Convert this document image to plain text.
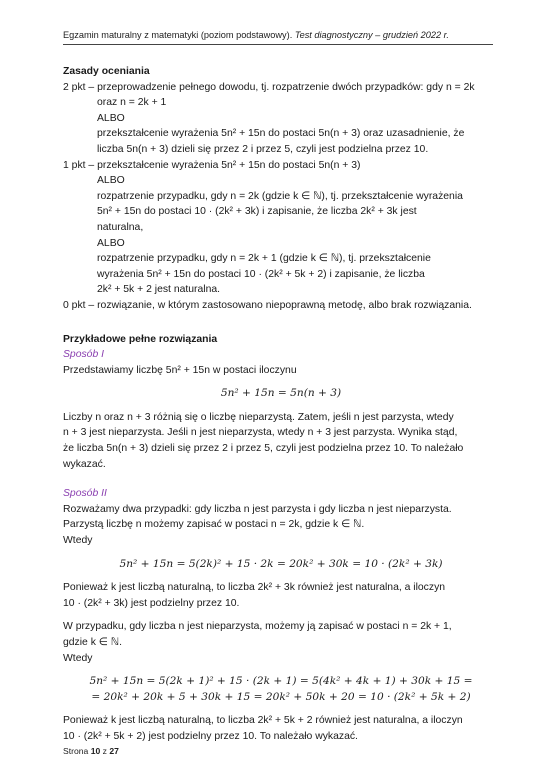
Egzamin maturalny z matematyki (poziom podstawowy). Test diagnostyczny – grudzień 2022 r.

Zasady oceniania

2 pkt – przeprowadzenie pełnego dowodu, tj. rozpatrzenie dwóch przypadków: gdy n = 2k

oraz n = 2k + 1

ALBO

przekształcenie wyrażenia 5n² + 15n do postaci 5n(n + 3) oraz uzasadnienie, że

liczba 5n(n + 3) dzieli się przez 2 i przez 5, czyli jest podzielna przez 10.

1 pkt – przekształcenie wyrażenia 5n² + 15n do postaci 5n(n + 3)

ALBO

rozpatrzenie przypadku, gdy n = 2k (gdzie k ∈ ℕ), tj. przekształcenie wyrażenia

5n² + 15n do postaci 10 · (2k² + 3k) i zapisanie, że liczba 2k² + 3k jest

naturalna,

ALBO

rozpatrzenie przypadku, gdy n = 2k + 1 (gdzie k ∈ ℕ), tj. przekształcenie

wyrażenia 5n² + 15n do postaci 10 · (2k² + 5k + 2) i zapisanie, że liczba

2k² + 5k + 2 jest naturalna.

0 pkt – rozwiązanie, w którym zastosowano niepoprawną metodę, albo brak rozwiązania.

Przykładowe pełne rozwiązania

Sposób I

Przedstawiamy liczbę 5n² + 15n w postaci iloczynu

5n² + 15n = 5n(n + 3)

Liczby n oraz n + 3 różnią się o liczbę nieparzystą. Zatem, jeśli n jest parzysta, wtedy

n + 3 jest nieparzysta. Jeśli n jest nieparzysta, wtedy n + 3 jest parzysta. Wynika stąd,

że liczba 5n(n + 3) dzieli się przez 2 i przez 5, czyli jest podzielna przez 10. To należało

wykazać.

Sposób II

Rozważamy dwa przypadki: gdy liczba n jest parzysta i gdy liczba n jest nieparzysta.

Parzystą liczbę n możemy zapisać w postaci n = 2k, gdzie k ∈ ℕ.

Wtedy

5n² + 15n = 5(2k)² + 15 · 2k = 20k² + 30k = 10 · (2k² + 3k)

Ponieważ k jest liczbą naturalną, to liczba 2k² + 3k również jest naturalna, a iloczyn

10 · (2k² + 3k) jest podzielny przez 10.

W przypadku, gdy liczba n jest nieparzysta, możemy ją zapisać w postaci n = 2k + 1,

gdzie k ∈ ℕ.

Wtedy

5n² + 15n = 5(2k + 1)² + 15 · (2k + 1) = 5(4k² + 4k + 1) + 30k + 15 =

= 20k² + 20k + 5 + 30k + 15 = 20k² + 50k + 20 = 10 · (2k² + 5k + 2)

Ponieważ k jest liczbą naturalną, to liczba 2k² + 5k + 2 również jest naturalna, a iloczyn

10 · (2k² + 5k + 2) jest podzielny przez 10. To należało wykazać.

Strona 10 z 27
